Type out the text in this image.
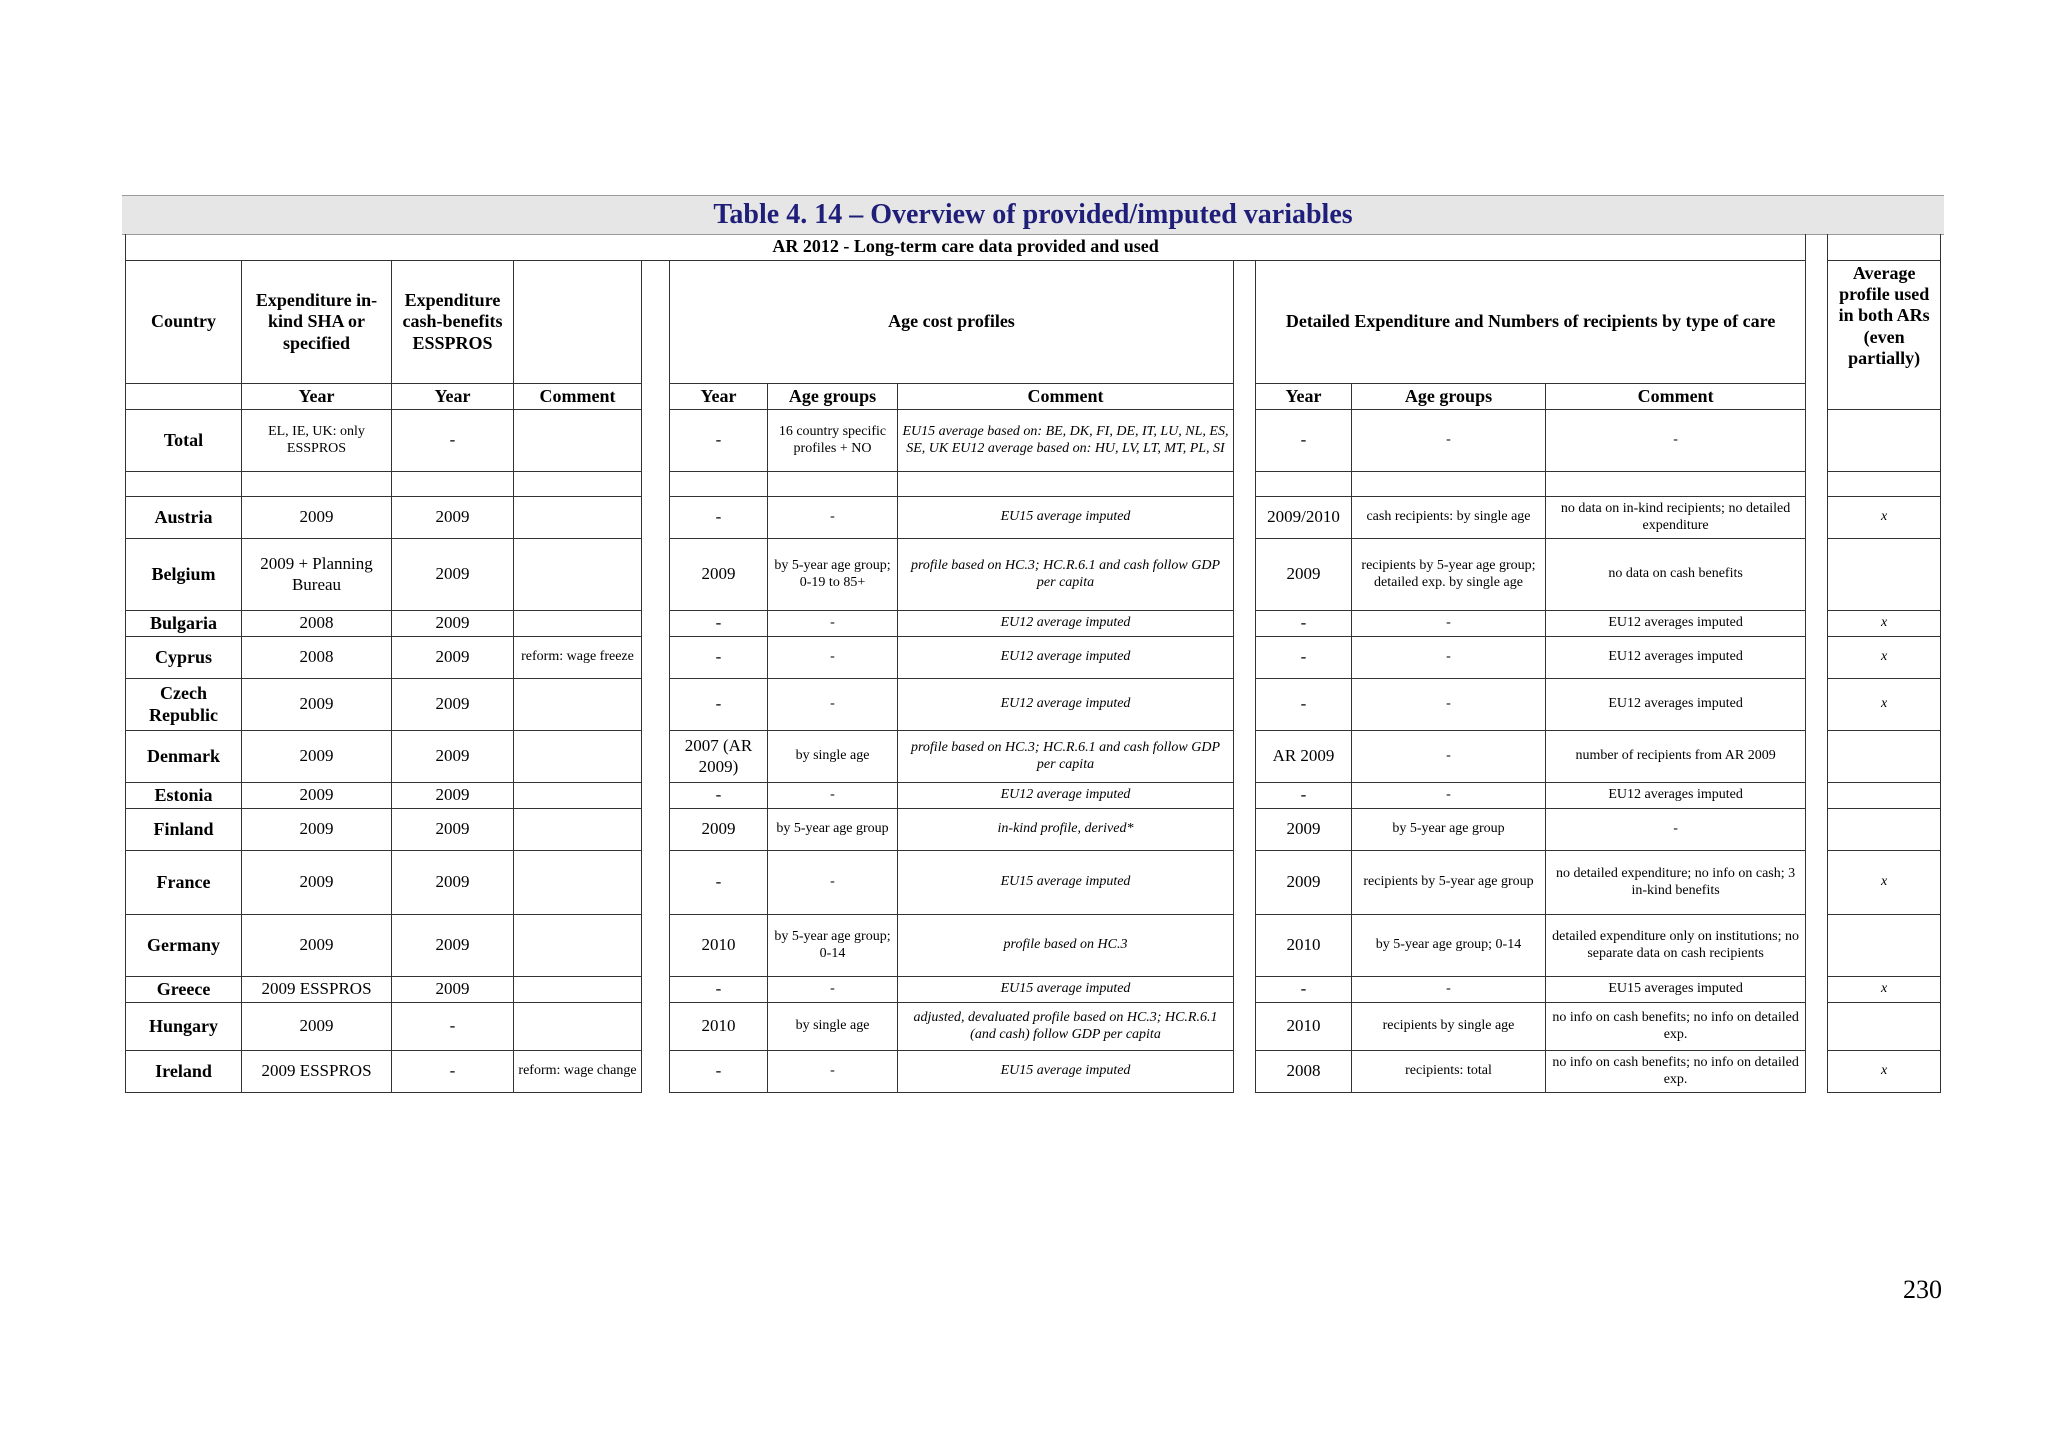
Table 4. 14 – Overview of provided/imputed variables
AR 2012 - Long-term care data provided and used													
Country	Expenditure in-kind SHA or specified	Expenditure cash-benefits ESSPROS			Age cost profiles				Detailed Expenditure and Numbers of recipients by type of care				Average profile used in both ARs (even partially)
	Year	Year	Comment		Year	Age groups	Comment		Year	Age groups	Comment		
Total	EL, IE, UK: only ESSPROS	-			-	16 country specific profiles + NO	EU15 average based on: BE, DK, FI, DE, IT, LU, NL, ES, SE, UK EU12 average based on: HU, LV, LT, MT, PL, SI		-	-	-		

Austria	2009	2009			-	-	EU15 average imputed		2009/2010	cash recipients: by single age	no data on in-kind recipients; no detailed expenditure		x
Belgium	2009 + Planning Bureau	2009			2009	by 5-year age group; 0-19 to 85+	profile based on HC.3; HC.R.6.1 and cash follow GDP per capita		2009	recipients by 5-year age group; detailed exp. by single age	no data on cash benefits		
Bulgaria	2008	2009			-	-	EU12 average imputed		-	-	EU12 averages imputed		x
Cyprus	2008	2009	reform: wage freeze		-	-	EU12 average imputed		-	-	EU12 averages imputed		x
Czech Republic	2009	2009			-	-	EU12 average imputed		-	-	EU12 averages imputed		x
Denmark	2009	2009			2007 (AR 2009)	by single age	profile based on HC.3; HC.R.6.1 and cash follow GDP per capita		AR 2009	-	number of recipients from AR 2009		
Estonia	2009	2009			-	-	EU12 average imputed		-	-	EU12 averages imputed		
Finland	2009	2009			2009	by 5-year age group	in-kind profile, derived*		2009	by 5-year age group	-		
France	2009	2009			-	-	EU15 average imputed		2009	recipients by 5-year age group	no detailed expenditure; no info on cash; 3 in-kind benefits		x
Germany	2009	2009			2010	by 5-year age group; 0-14	profile based on HC.3		2010	by 5-year age group; 0-14	detailed expenditure only on institutions; no separate data on cash recipients		
Greece	2009 ESSPROS	2009			-	-	EU15 average imputed		-	-	EU15 averages imputed		x
Hungary	2009	-			2010	by single age	adjusted, devaluated profile based on HC.3; HC.R.6.1 (and cash) follow GDP per capita		2010	recipients by single age	no info on cash benefits; no info on detailed exp.		
Ireland	2009 ESSPROS	-	reform: wage change		-	-	EU15 average imputed		2008	recipients: total	no info on cash benefits; no info on detailed exp.		x
230
